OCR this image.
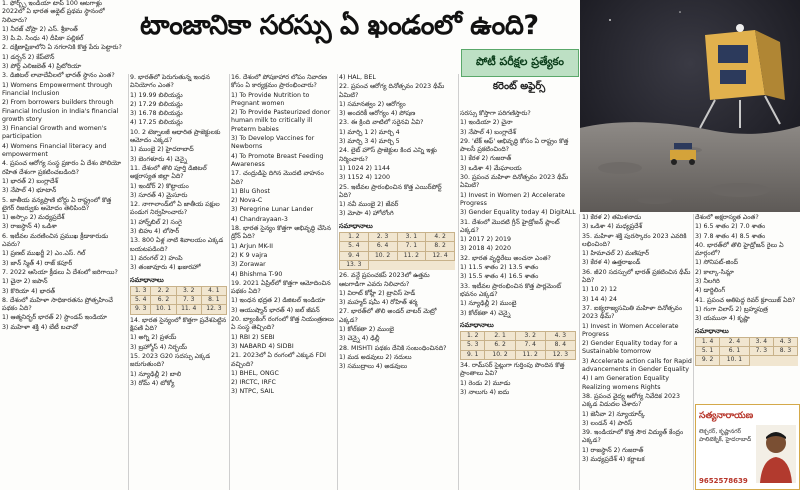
టాంజానికా సరస్సు ఏ ఖండంలో ఉంది?
పోటీ పరీక్షల ప్రత్యేకం
కరెంట్ అఫైర్స్

1. ఫోర్బ్స్ ఇండియా టాప్ 100 ఆటగాళ్లు 2022లో ఏ భారత అథ్లెట్ ప్రథమ స్థానంలో నిలిచారు?

1) నీరజ్ చోప్రా 2) ఎస్. శ్రీకాంత్

3) పి.వి. సింధు 4) దీపికా పల్లికల్

2. దక్షిణాఫ్రికాలోని ఏ నగరానికి కొత్త పేరు పెట్టారు?

1) డర్బన్ 2) కేప్‌టౌన్

3) పోర్ట్ ఎలిజబెత్ 4) ప్రిటోరియా

3. డిజిటల్ లావాదేవీలలో భారత్ స్థానం ఎంత?

1) Womens Empowerment through Financial Inclusion

2) From borrowers builders through Financial Inclusion in India's financial growth story

3) Financial Growth and women's participation

4) Womens Financial literacy and empowerment

4. ప్రపంచ ఆరోగ్య సంస్థ ప్రకారం ఏ దేశం పోలియో రహిత దేశంగా ప్రకటించబడింది?

1) భారత్ 2) బంగ్లాదేశ్

3) నేపాల్ 4) భూటాన్

5. జాతీయ వన్యప్రాణి బోర్డు ఏ రాష్ట్రంలో కొత్త టైగర్ రిజర్వుకు ఆమోదం తెలిపింది?

1) అస్సాం 2) మధ్యప్రదేశ్

3) రాజస్థాన్ 4) ఒడిశా

6. ఇటీవల మరణించిన ప్రముఖ క్రీడాకారుడు ఎవరు?

1) ప్రణబ్ ముఖర్జీ 2) ఎం.ఎస్. గిల్

3) జాన్ స్మిత్ 4) రాజ్ కపూర్

7. 2022 ఆసియా క్రీడలు ఏ దేశంలో జరిగాయి?

1) చైనా 2) జపాన్

3) కొరియా 4) భారత్

8. దేశంలో మహిళా సాధికారతను ప్రోత్సహించే పథకం ఏది?

1) ఆత్మనిర్భర్ భారత్ 2) స్టాండప్ ఇండియా

3) మహిళా శక్తి 4) బేటీ బచావో

9. భారత్‌లో పెరుగుతున్న ఇంధన వినియోగం ఎంత?

1) 19.99 బిలియన్లు

2) 17.29 బిలియన్లు

3) 16.78 బిలియన్లు

4) 17.25 బిలియన్లు

10. 2 టెక్నాలజీ ఆధారిత ప్రాజెక్టులకు ఆమోదం ఎక్కడ?

1) ముంబై 2) హైదరాబాద్

3) బెంగళూరు 4) చెన్నై

11. దేశంలో తొలి పూర్తి డిజిటల్ అక్షరాస్యత జిల్లా ఏది?

1) ఇండోర్ 2) కొట్టాయం

3) సూరత్ 4) మైసూరు

12. నాగాలాండ్‌లో ఏ జాతీయ పక్షుల పండుగ నిర్వహించారు?

1) హార్న్‌బిల్ 2) సంగై

3) బిహు 4) లోసార్

13. 800 ఏళ్ల నాటి శివాలయం ఎక్కడ బయటపడింది?

1) వరంగల్ 2) హంపి

3) తంజావూరు 4) ఖజురహో

సమాధానాలు
1. 3	2. 2	3. 2	4. 1
5. 4	6. 2	7. 3	8. 1
9. 3	10. 1	11. 4	12. 3

14. భారత సైన్యంలో కొత్తగా ప్రవేశపెట్టిన క్షిపణి ఏది?

1) అగ్ని 2) ప్రళయ్

3) బ్రహ్మోస్ 4) నిర్భయ్

15. 2023 G20 సదస్సు ఎక్కడ జరుగుతుంది?

1) న్యూఢిల్లీ 2) బాలి

3) రోమ్ 4) టోక్యో

16. దేశంలో పోషకాహార లోపం నివారణ కోసం ఏ కార్యక్రమం ప్రారంభించారు?

1) To Provide Nutrition to Pregnant women

2) To Provide Pasteurized donor human milk to critically ill Preterm babies

3) To Develop Vaccines for Newborns

4) To Promote Breast Feeding Awareness

17. చంద్రుడిపై దిగిన మొదటి వాహనం ఏది?

1) Blu Ghost

2) Nova-C

3) Peregrine Lunar Lander

4) Chandrayaan-3

18. భారత సైన్యం కొత్తగా అభివృద్ధి చేసిన డ్రోన్ ఏది?

1) Arjun MK-II

2) K 9 vajra

3) Zorawar

4) Bhishma T-90

19. 2021 ఏప్రిల్‌లో కొత్తగా ఆమోదించిన పథకం ఏది?

1) ఇంధన భద్రత 2) డిజిటల్ ఇండియా

3) ఆయుష్మాన్ భారత్ 4) జల్ జీవన్

20. బ్యాంకింగ్ రంగంలో కొత్త నియంత్రణలు ఏ సంస్థ తెచ్చింది?

1) RBI 2) SEBI

3) NABARD 4) SIDBI

21. 2023లో ఏ రంగంలో ఎక్కువ FDI వచ్చింది?

1) BHEL, ONGC

2) IRCTC, IRFC

3) NTPC, SAIL

4) HAL, BEL

22. ప్రపంచ ఆరోగ్య దినోత్సవం 2023 థీమ్ ఏమిటి?

1) సమానత్వం 2) ఆరోగ్యం

3) అందరికీ ఆరోగ్యం 4) పోషణ

23. ఈ క్రింది వాటిలో సరైనవి ఏవి?

1) మార్చి 1 2) మార్చి 4

3) మార్చి 3 4) మార్చి 5

24. లైట్ హౌస్ ప్రాజెక్టుల కింద ఎన్ని ఇళ్లు నిర్మించారు?

1) 1024 2) 1144

3) 1152 4) 1200

25. ఇటీవల ప్రారంభించిన కొత్త ఎయిర్‌పోర్ట్ ఏది?

1) నవీ ముంబై 2) జేవర్

3) మోపా 4) హోలోంగి

సమాధానాలు
1. 2	2. 3	3. 1	4. 2
5. 4	6. 4	7. 1	8. 2
9. 4	10. 2	11. 2	12. 4
13. 3			

26. వన్డే ప్రపంచకప్ 2023లో ఉత్తమ ఆటగాడిగా ఎవరు నిలిచారు?

1) విరాట్ కోహ్లీ 2) ట్రావిస్ హెడ్

3) మహ్మద్ షమీ 4) రోహిత్ శర్మ

27. భారత్‌లో తొలి అండర్ వాటర్ మెట్రో ఎక్కడ?

1) కోల్‌కతా 2) ముంబై

3) చెన్నై 4) ఢిల్లీ

28. MISHTI పథకం దేనికి సంబంధించినది?

1) మడ అడవులు 2) నదులు

3) సముద్రాలు 4) అడవులు

సరస్సు కోస్తాగా పరిగణిస్తారు?

1) ఇండియా 2) చైనా

3) నేపాల్ 4) బంగ్లాదేశ్

29. 'టేక్ ఆఫ్' అభివృద్ధి కోసం ఏ రాష్ట్రం కొత్త పాలసీ ప్రకటించింది?

1) కేరళ 2) గుజరాత్

3) ఒడిశా 4) మేఘాలయ

30. ప్రపంచ మహిళా దినోత్సవం 2023 థీమ్ ఏమిటి?

1) Invest in Women 2) Accelerate Progress

3) Gender Equality today 4) DigitALL

31. దేశంలో మొదటి గ్రీన్ హైడ్రోజన్ ప్లాంట్ ఎక్కడ?

1) 2017 2) 2019

3) 2018 4) 2020

32. భారత వృద్ధిరేటు అంచనా ఎంత?

1) 11.5 శాతం 2) 13.5 శాతం

3) 15.5 శాతం 4) 16.5 శాతం

33. ఇటీవల ప్రారంభించిన కొత్త పార్లమెంట్ భవనం ఎక్కడ?

1) న్యూఢిల్లీ 2) ముంబై

3) కోల్‌కతా 4) చెన్నై

సమాధానాలు
1. 2	2. 1	3. 2	4. 3
5. 3	6. 2	7. 4	8. 4
9. 1	10. 2	11. 2	12. 3

34. రామ్‌సర్ సైట్లుగా గుర్తింపు పొందిన కొత్త ప్రాంతాలు ఏవి?

1) రెండు 2) మూడు

3) నాలుగు 4) ఐదు

1) కేరళ 2) తమిళనాడు

3) ఒడిశా 4) మధ్యప్రదేశ్

35. మహిళా శక్తి పురస్కారం 2023 ఎవరికి లభించింది?

1) హిమాచల్ 2) మణిపూర్

3) కేరళ 4) ఉత్తరాఖండ్

36. జీ20 సదస్సులో భారత్ ప్రకటించిన థీమ్ ఏది?

1) 10 2) 12

3) 14 4) 24

37. ఐక్యరాజ్యసమితి మహిళా దినోత్సవం 2023 థీమ్?

1) Invest in Women Accelerate Progress

2) Gender Equality today for a Sustainable tomorrow

3) Accelerate action calls for Rapid advancements in Gender Equality

4) I am Generation Equality Realizing womens Rights

38. ప్రపంచ వైద్య ఆరోగ్య నివేదిక 2023 ఎక్కడ విడుదల చేశారు?

1) జెనీవా 2) న్యూయార్క్

3) లండన్ 4) పారిస్

39. ఇండియాలో కొత్త సౌర విద్యుత్ కేంద్రం ఎక్కడ?

1) రాజస్థాన్ 2) గుజరాత్

3) మధ్యప్రదేశ్ 4) కర్ణాటక

దేశంలో అక్షరాస్యత ఎంత?

1) 6.5 శాతం 2) 7.0 శాతం

3) 7.8 శాతం 4) 8.5 శాతం

40. భారత్‌లో తొలి హైడ్రోజన్ రైలు ఏ మార్గంలో?

1) సోనిపట్-జింద్

2) కాల్కా-సిమ్లా

3) నీలగిరి

4) డార్జిలింగ్

41. ప్రపంచ అతిపెద్ద రివర్ క్రూయిజ్ ఏది?

1) గంగా విలాస్ 2) బ్రహ్మపుత్ర

3) యమునా 4) కృష్ణా

సమాధానాలు
1. 4	2. 4	3. 4	4. 3
5. 1	6. 1	7. 3	8. 3
9. 2	10. 1		
సత్యనారాయణ
లెక్చరర్, కృష్ణానగర్ పాలిటెక్నిక్, హైదరాబాద్
9652578639
